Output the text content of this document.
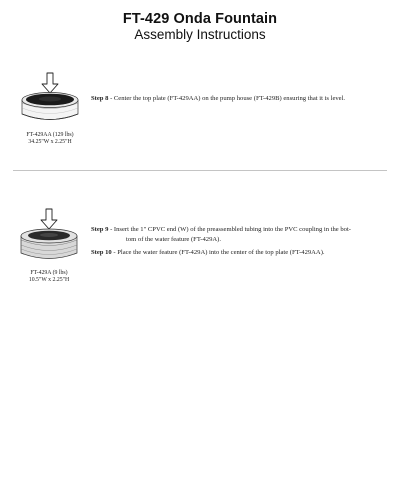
FT-429 Onda Fountain
Assembly Instructions
FT-429AA (129 lbs)
34.25"W x 2.25"H
Step 8 - Center the top plate (FT-429AA) on the pump house (FT-429B) ensuring that it is level.
FT-429A (9 lbs)
10.5"W x 2.25"H
Step 9 - Insert the 1" CPVC end (W) of the preassembled tubing into the PVC coupling in the bot-
tom of the water feature (FT-429A).
Step 10 - Place the water feature (FT-429A) into the center of the top plate (FT-429AA).
